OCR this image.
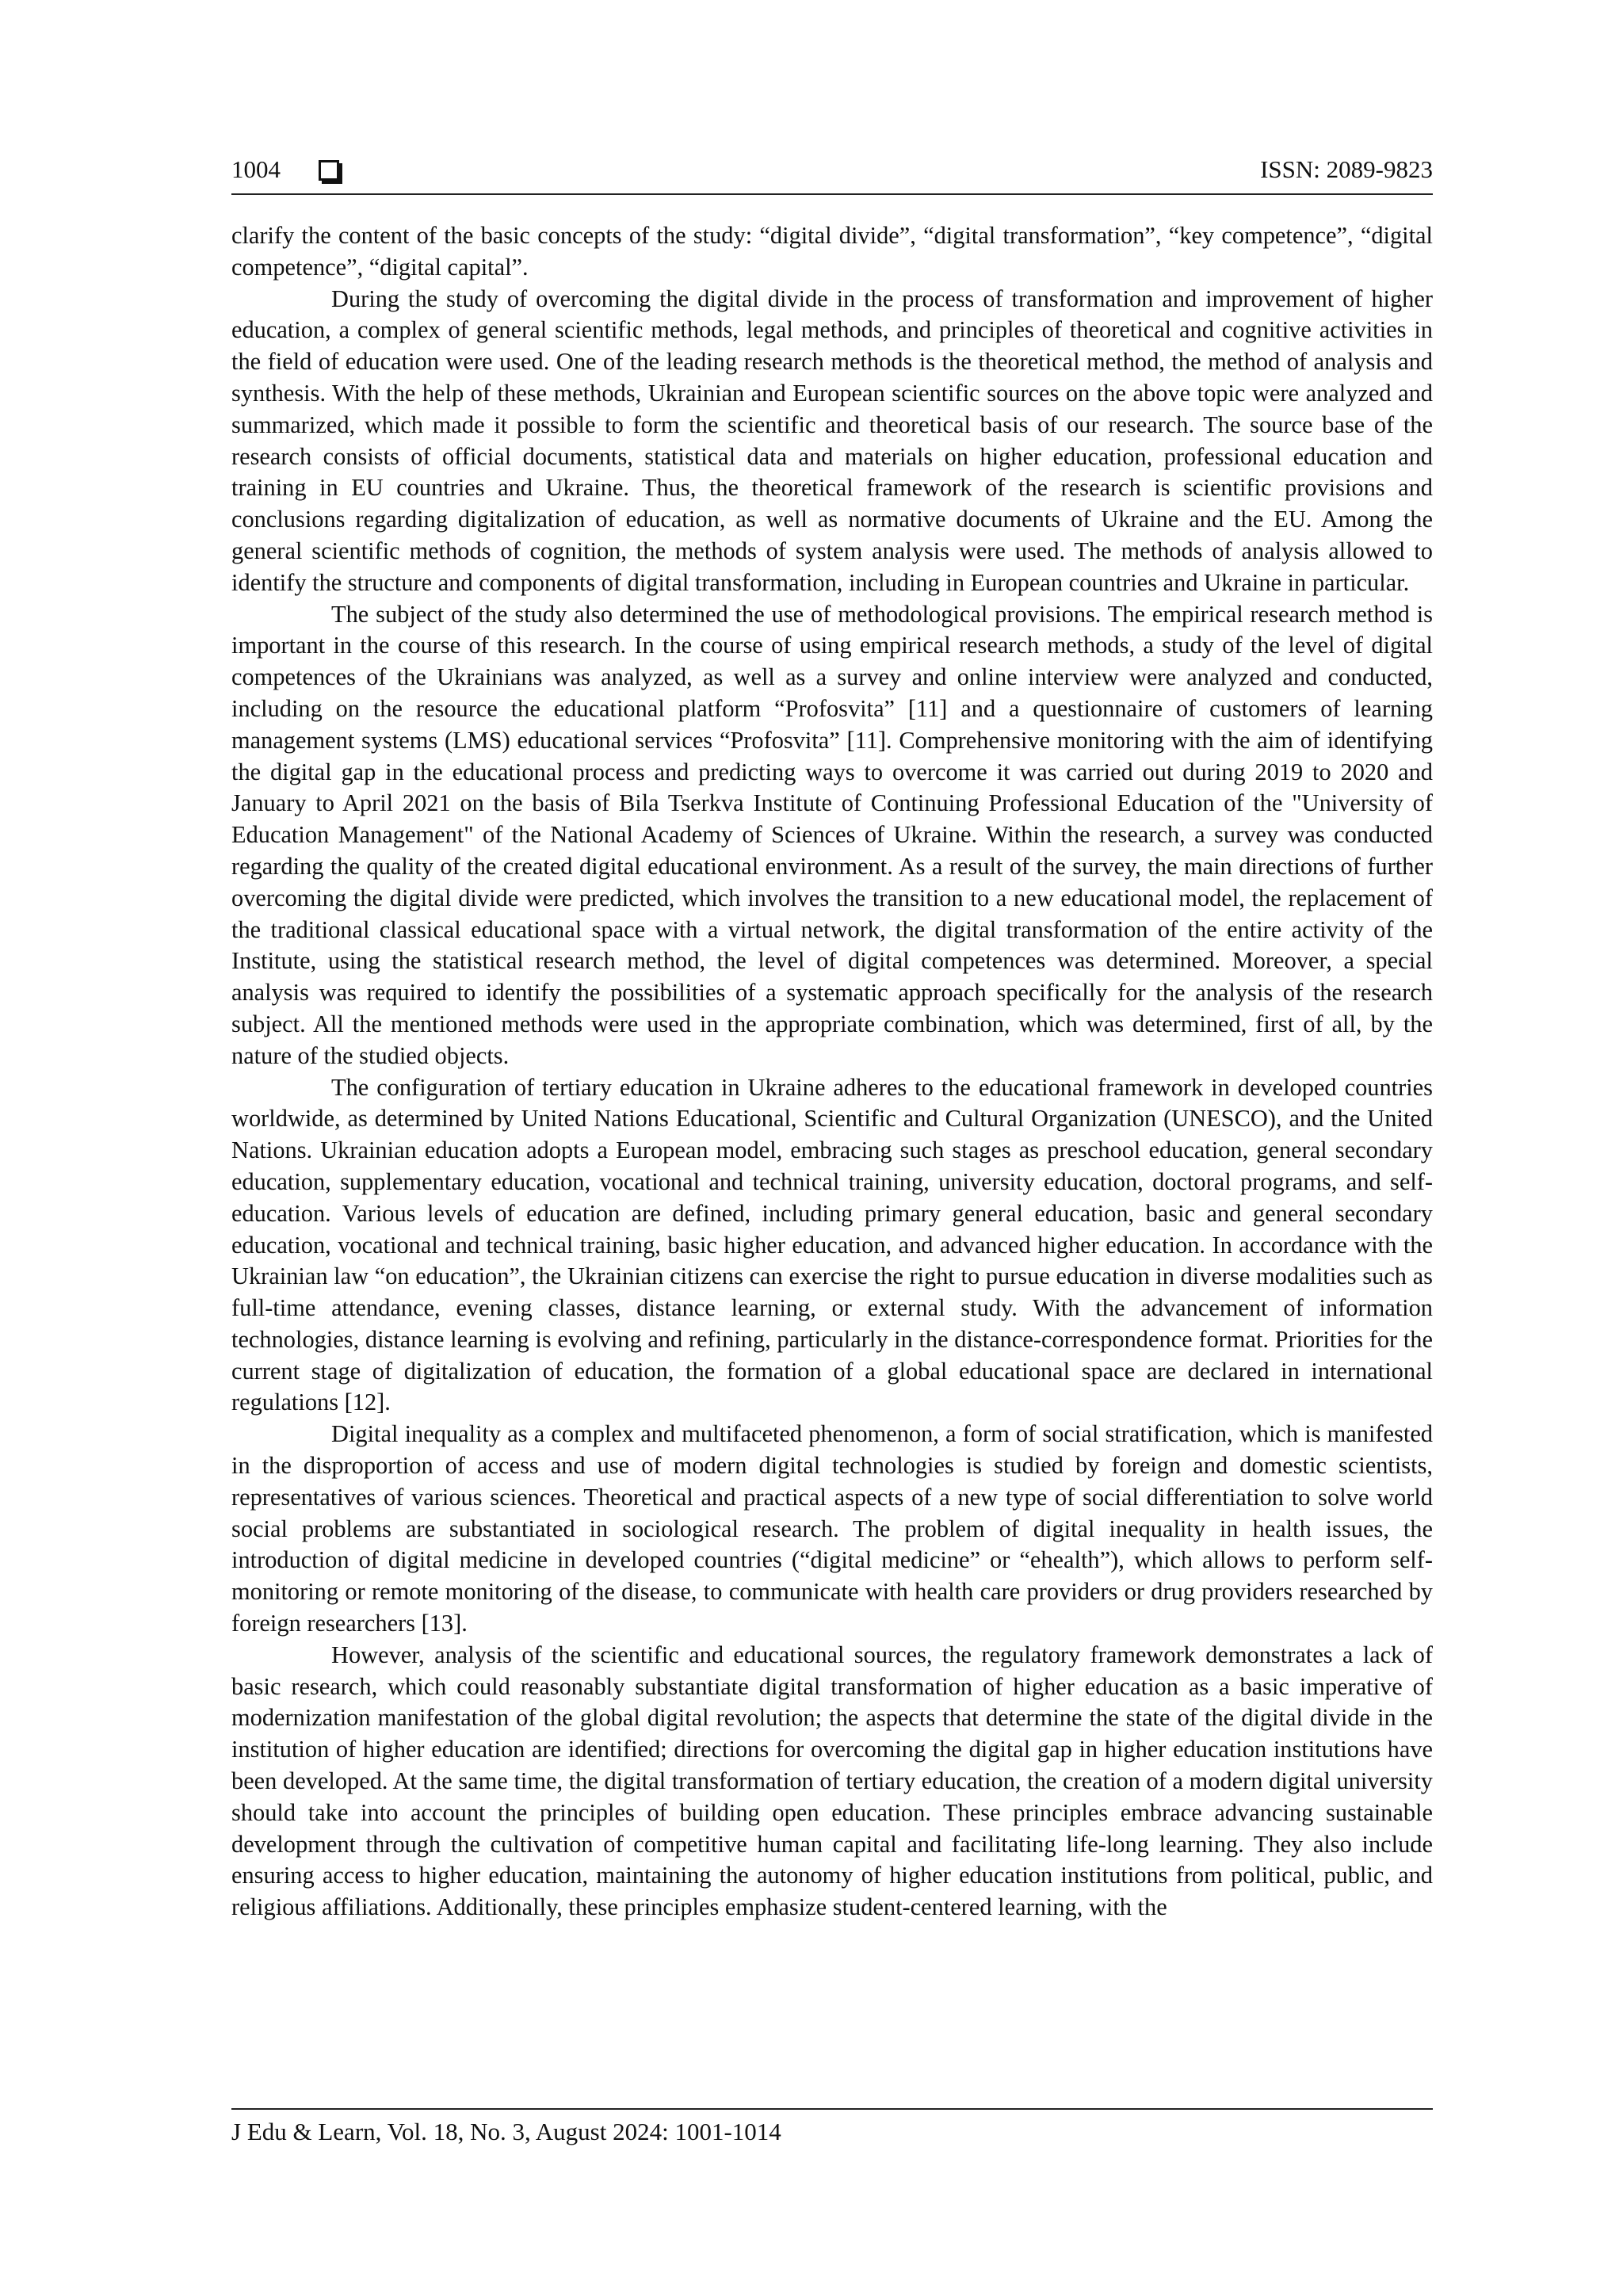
1004	ISSN: 2089-9823

clarify the content of the basic concepts of the study: “digital divide”, “digital transformation”, “key competence”, “digital competence”, “digital capital”.

During the study of overcoming the digital divide in the process of transformation and improvement of higher education, a complex of general scientific methods, legal methods, and principles of theoretical and cognitive activities in the field of education were used. One of the leading research methods is the theoretical method, the method of analysis and synthesis. With the help of these methods, Ukrainian and European scientific sources on the above topic were analyzed and summarized, which made it possible to form the scientific and theoretical basis of our research. The source base of the research consists of official documents, statistical data and materials on higher education, professional education and training in EU countries and Ukraine. Thus, the theoretical framework of the research is scientific provisions and conclusions regarding digitalization of education, as well as normative documents of Ukraine and the EU. Among the general scientific methods of cognition, the methods of system analysis were used. The methods of analysis allowed to identify the structure and components of digital transformation, including in European countries and Ukraine in particular.

The subject of the study also determined the use of methodological provisions. The empirical research method is important in the course of this research. In the course of using empirical research methods, a study of the level of digital competences of the Ukrainians was analyzed, as well as a survey and online interview were analyzed and conducted, including on the resource the educational platform “Profosvita” [11] and a questionnaire of customers of learning management systems (LMS) educational services “Profosvita” [11]. Comprehensive monitoring with the aim of identifying the digital gap in the educational process and predicting ways to overcome it was carried out during 2019 to 2020 and January to April 2021 on the basis of Bila Tserkva Institute of Continuing Professional Education of the "University of Education Management" of the National Academy of Sciences of Ukraine. Within the research, a survey was conducted regarding the quality of the created digital educational environment. As a result of the survey, the main directions of further overcoming the digital divide were predicted, which involves the transition to a new educational model, the replacement of the traditional classical educational space with a virtual network, the digital transformation of the entire activity of the Institute, using the statistical research method, the level of digital competences was determined. Moreover, a special analysis was required to identify the possibilities of a systematic approach specifically for the analysis of the research subject. All the mentioned methods were used in the appropriate combination, which was determined, first of all, by the nature of the studied objects.

The configuration of tertiary education in Ukraine adheres to the educational framework in developed countries worldwide, as determined by United Nations Educational, Scientific and Cultural Organization (UNESCO), and the United Nations. Ukrainian education adopts a European model, embracing such stages as preschool education, general secondary education, supplementary education, vocational and technical training, university education, doctoral programs, and self-education. Various levels of education are defined, including primary general education, basic and general secondary education, vocational and technical training, basic higher education, and advanced higher education. In accordance with the Ukrainian law “on education”, the Ukrainian citizens can exercise the right to pursue education in diverse modalities such as full-time attendance, evening classes, distance learning, or external study. With the advancement of information technologies, distance learning is evolving and refining, particularly in the distance-correspondence format. Priorities for the current stage of digitalization of education, the formation of a global educational space are declared in international regulations [12].

Digital inequality as a complex and multifaceted phenomenon, a form of social stratification, which is manifested in the disproportion of access and use of modern digital technologies is studied by foreign and domestic scientists, representatives of various sciences. Theoretical and practical aspects of a new type of social differentiation to solve world social problems are substantiated in sociological research. The problem of digital inequality in health issues, the introduction of digital medicine in developed countries (“digital medicine” or “ehealth”), which allows to perform self-monitoring or remote monitoring of the disease, to communicate with health care providers or drug providers researched by foreign researchers [13].

However, analysis of the scientific and educational sources, the regulatory framework demonstrates a lack of basic research, which could reasonably substantiate digital transformation of higher education as a basic imperative of modernization manifestation of the global digital revolution; the aspects that determine the state of the digital divide in the institution of higher education are identified; directions for overcoming the digital gap in higher education institutions have been developed. At the same time, the digital transformation of tertiary education, the creation of a modern digital university should take into account the principles of building open education. These principles embrace advancing sustainable development through the cultivation of competitive human capital and facilitating life-long learning. They also include ensuring access to higher education, maintaining the autonomy of higher education institutions from political, public, and religious affiliations. Additionally, these principles emphasize student-centered learning, with the

J Edu & Learn, Vol. 18, No. 3, August 2024: 1001-1014
